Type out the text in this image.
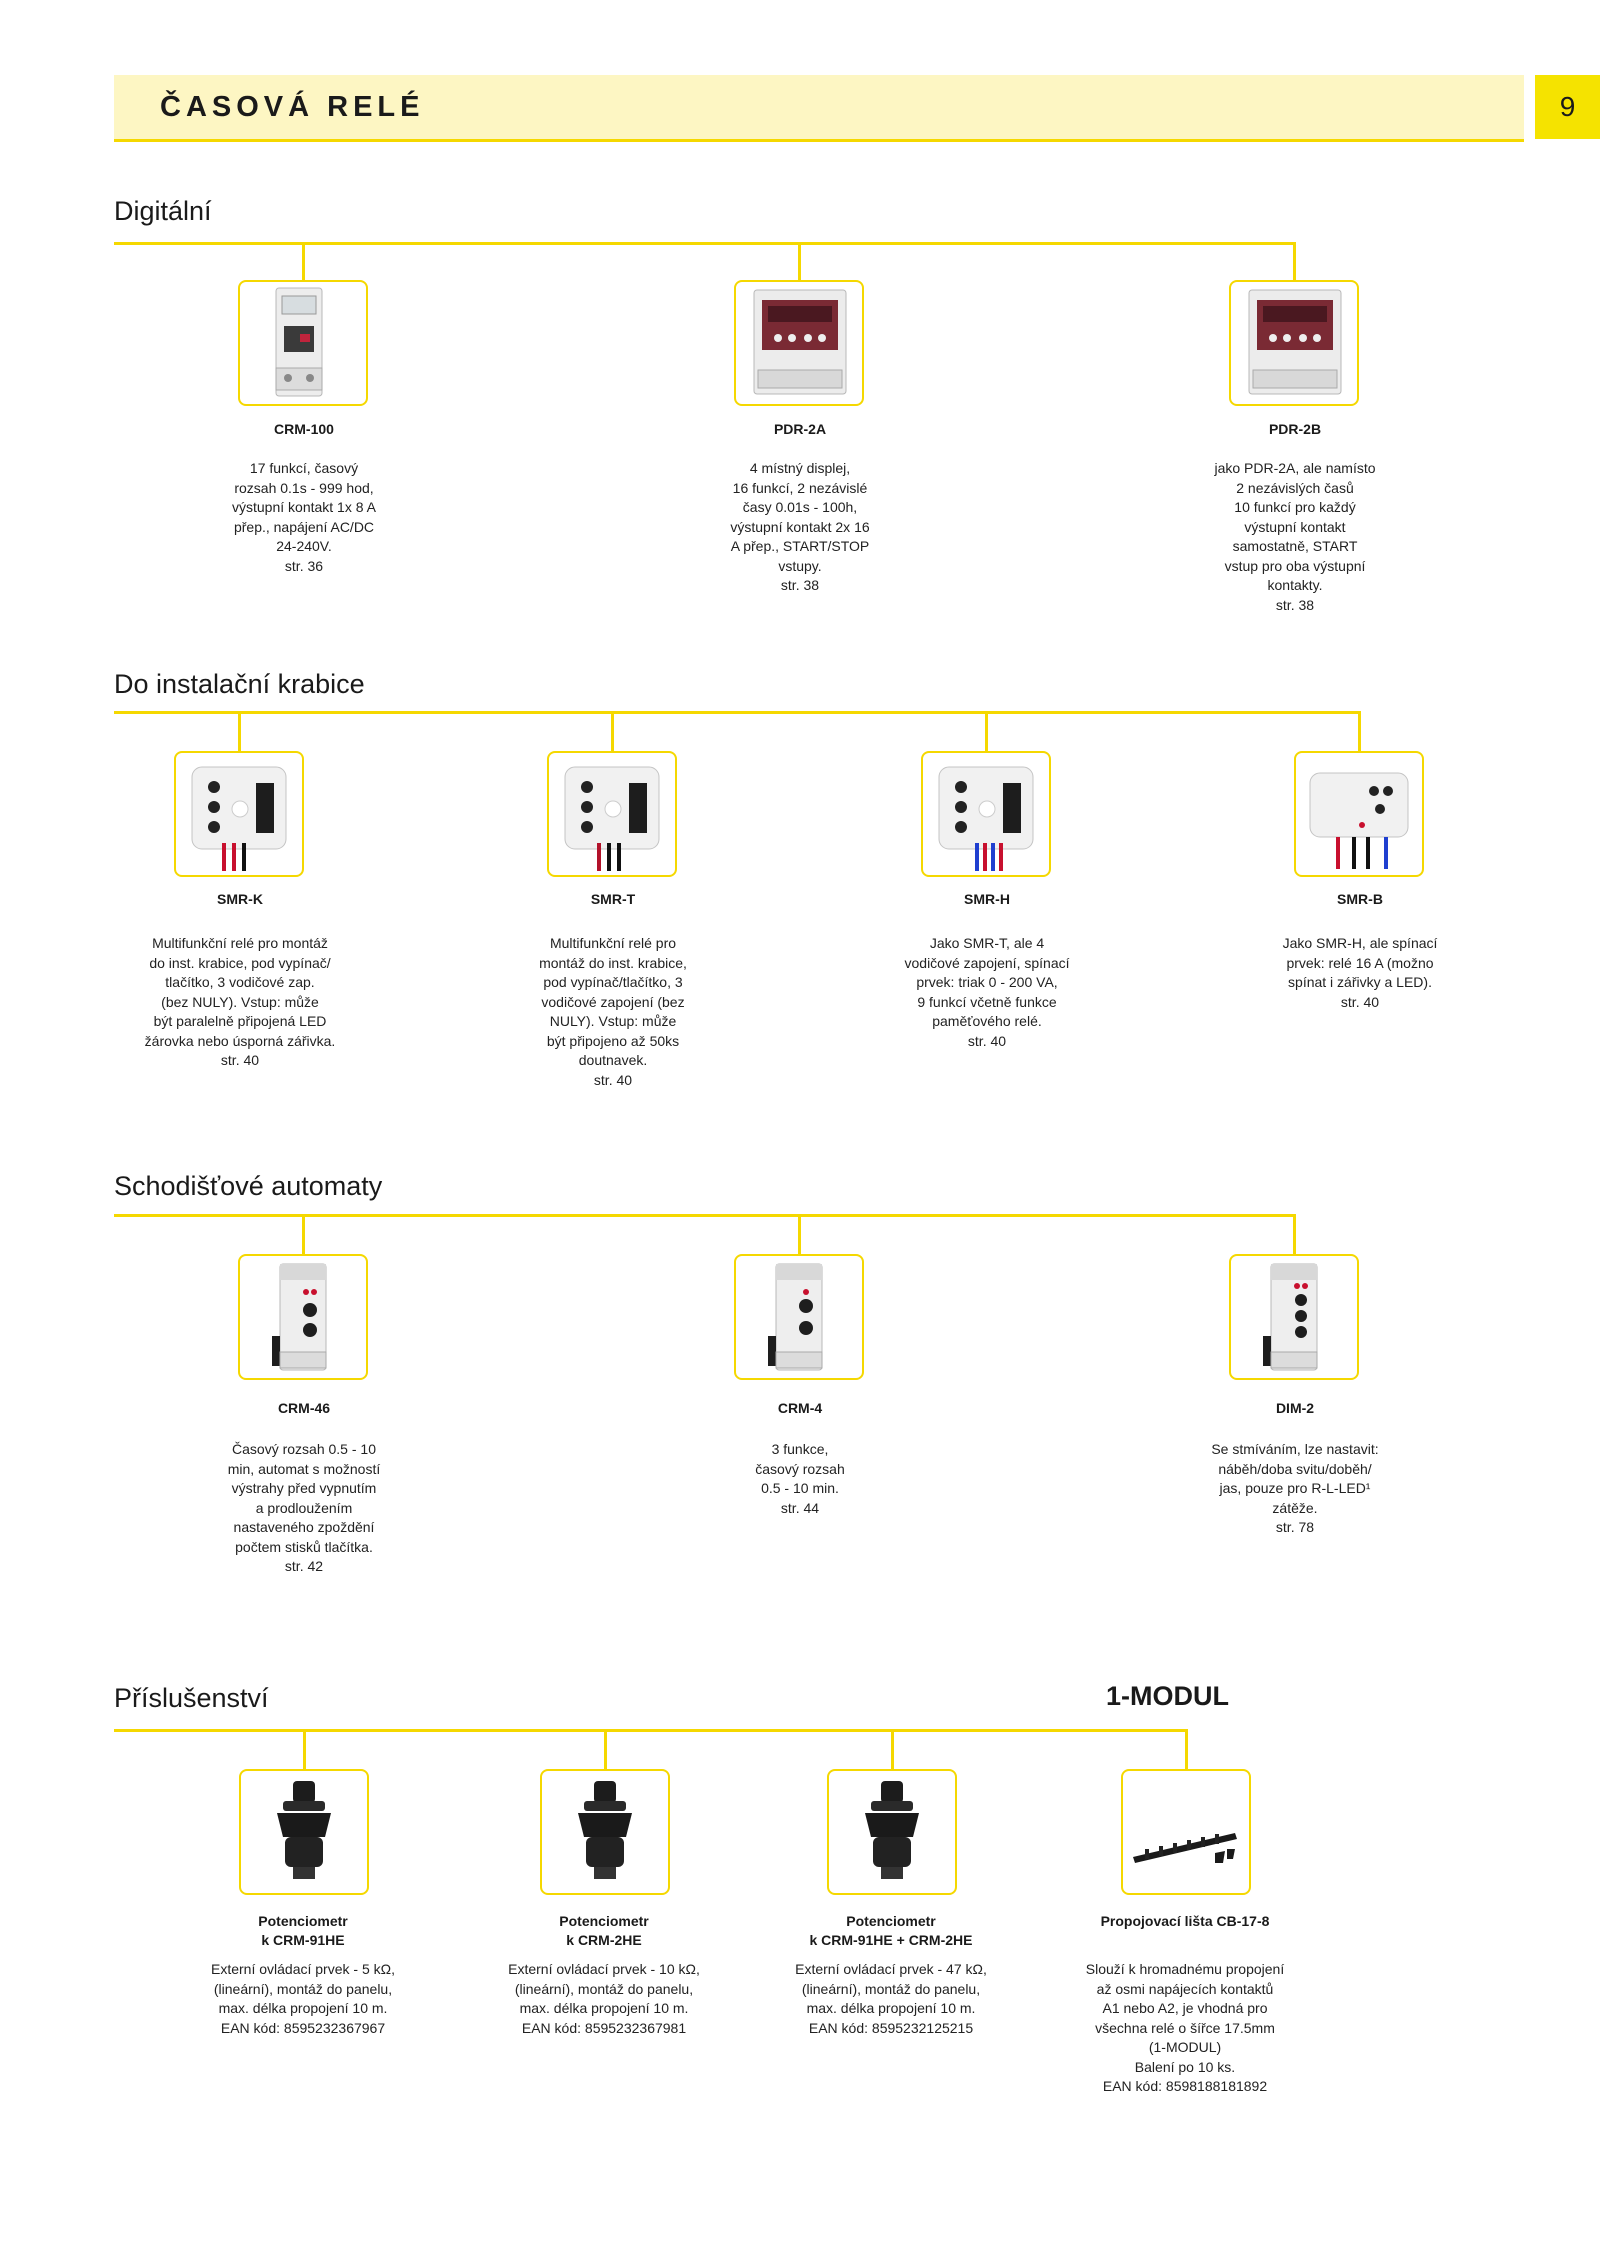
ČASOVÁ RELÉ	9
Digitální
CRM-100	PDR-2A	PDR-2B
17 funkcí, časový
rozsah 0.1s - 999 hod,
výstupní kontakt 1x 8 A
přep., napájení AC/DC
24-240V.
str. 36
4 místný displej,
16 funkcí, 2 nezávislé
časy 0.01s - 100h,
výstupní kontakt 2x 16
A přep., START/STOP
vstupy.
str. 38
jako PDR-2A, ale namísto
2 nezávislých časů
10 funkcí pro každý
výstupní kontakt
samostatně, START
vstup pro oba výstupní
kontakty.
str. 38
Do instalační krabice
SMR-K	SMR-T	SMR-H	SMR-B
Multifunkční relé pro montáž
do inst. krabice, pod vypínač/
tlačítko, 3 vodičové zap.
(bez NULY). Vstup: může
být paralelně připojená LED
žárovka nebo úsporná zářivka.
str. 40
Multifunkční relé pro
montáž do inst. krabice,
pod vypínač/tlačítko, 3
vodičové zapojení (bez
NULY). Vstup: může
být připojeno až 50ks
doutnavek.
str. 40
Jako SMR-T, ale 4
vodičové zapojení, spínací
prvek: triak 0 - 200 VA,
9 funkcí včetně funkce
paměťového relé.
str. 40
Jako SMR-H, ale spínací
prvek: relé 16 A (možno
spínat i zářivky a LED).
str. 40
Schodišťové automaty
CRM-46	CRM-4	DIM-2
Časový rozsah 0.5 - 10
min, automat s možností
výstrahy před vypnutím
a prodloužením
nastaveného zpoždění
počtem stisků tlačítka.
str. 42
3 funkce,
časový rozsah
0.5 - 10 min.
str. 44
Se stmíváním, lze nastavit:
náběh/doba svitu/doběh/
jas, pouze pro R-L-LED¹
zátěže.
str. 78
Příslušenství	1-MODUL
Potenciometr
k CRM-91HE
Potenciometr
k CRM-2HE
Potenciometr
k CRM-91HE + CRM-2HE
Propojovací lišta CB-17-8
Externí ovládací prvek - 5 kΩ,
(lineární), montáž do panelu,
max. délka propojení 10 m.
EAN kód: 8595232367967
Externí ovládací prvek - 10 kΩ,
(lineární), montáž do panelu,
max. délka propojení 10 m.
EAN kód: 8595232367981
Externí ovládací prvek - 47 kΩ,
(lineární), montáž do panelu,
max. délka propojení 10 m.
EAN kód: 8595232125215
Slouží k hromadnému propojení
až osmi napájecích kontaktů
A1 nebo A2, je vhodná pro
všechna relé o šířce 17.5mm
(1-MODUL)
Balení po 10 ks.
EAN kód: 8598188181892
